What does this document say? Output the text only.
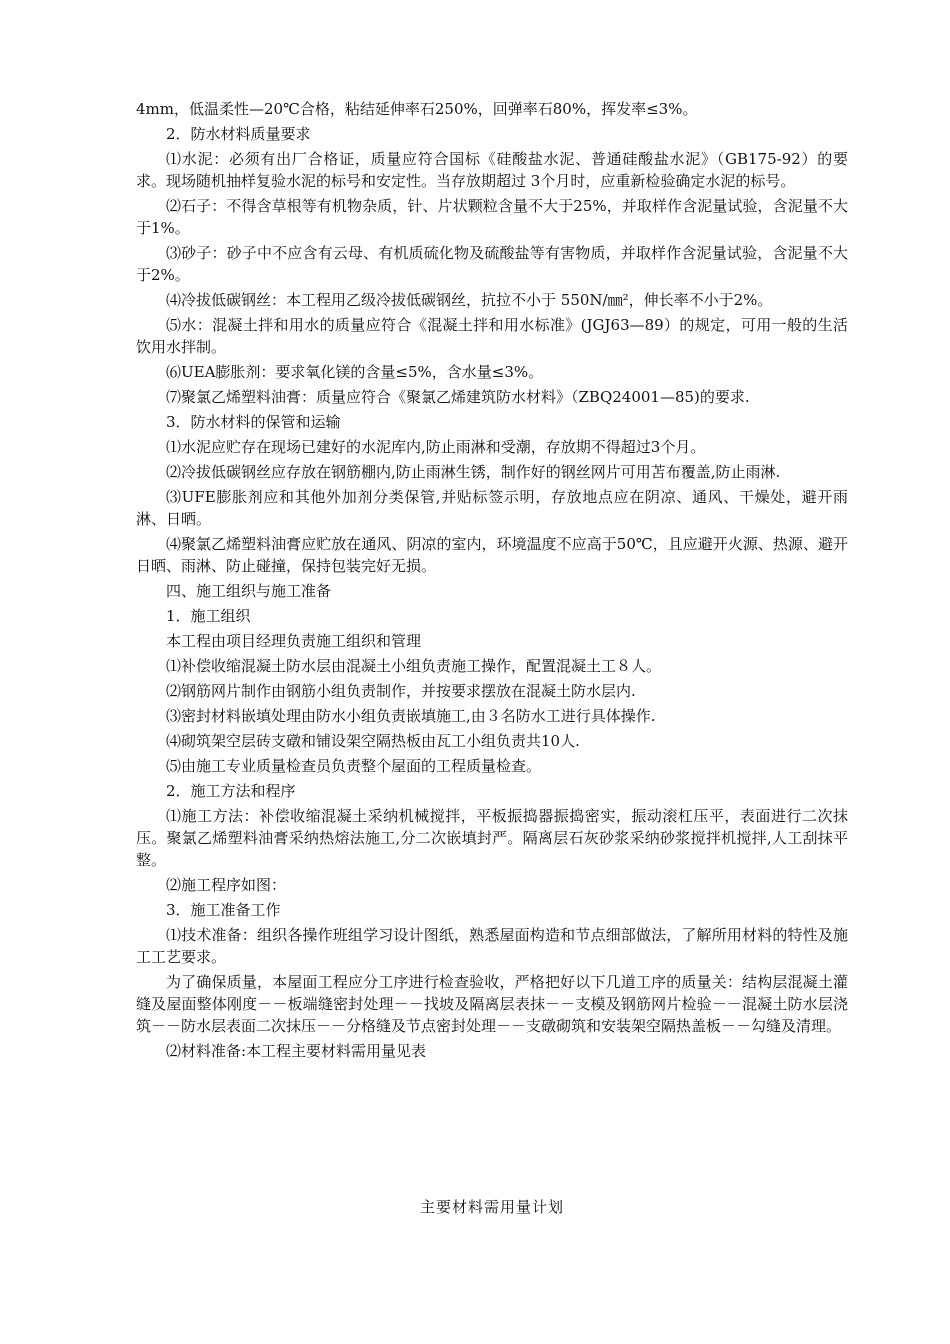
4mm，低温柔性—20℃合格，粘结延伸率石250%，回弹率石80%，挥发率≤3%。

2．防水材料质量要求

⑴水泥：必须有出厂合格证，质量应符合国标《硅酸盐水泥、普通硅酸盐水泥》（GB175-92）的要求。现场随机抽样复验水泥的标号和安定性。当存放期超过 3个月时，应重新检验确定水泥的标号。

⑵石子：不得含草根等有机物杂质，针、片状颗粒含量不大于25%，并取样作含泥量试验，含泥量不大于1%。

⑶砂子：砂子中不应含有云母、有机质硫化物及硫酸盐等有害物质，并取样作含泥量试验，含泥量不大于2%。

⑷冷拔低碳钢丝：本工程用乙级冷拔低碳钢丝，抗拉不小于 550N/㎜²，伸长率不小于2%。

⑸水：混凝土拌和用水的质量应符合《混凝土拌和用水标准》(JGJ63—89）的规定，可用一般的生活饮用水拌制。

⑹UEA膨胀剂：要求氧化镁的含量≤5%，含水量≤3%。

⑺聚氯乙烯塑料油膏：质量应符合《聚氯乙烯建筑防水材料》（ZBQ24001—85)的要求.

3．防水材料的保管和运输

⑴水泥应贮存在现场已建好的水泥库内,防止雨淋和受潮，存放期不得超过3个月。

⑵冷拔低碳钢丝应存放在钢筋棚内,防止雨淋生锈，制作好的钢丝网片可用苫布覆盖,防止雨淋.

⑶UFE膨胀剂应和其他外加剂分类保管,并贴标签示明，存放地点应在阴凉、通风、干燥处，避开雨淋、日晒。

⑷聚氯乙烯塑料油膏应贮放在通风、阴凉的室内，环境温度不应高于50℃，且应避开火源、热源、避开日晒、雨淋、防止碰撞，保持包装完好无损。

四、施工组织与施工准备

1．施工组织

本工程由项目经理负责施工组织和管理

⑴补偿收缩混凝土防水层由混凝土小组负责施工操作，配置混凝土工８人。

⑵钢筋网片制作由钢筋小组负责制作，并按要求摆放在混凝土防水层内.

⑶密封材料嵌填处理由防水小组负责嵌填施工,由３名防水工进行具体操作.

⑷砌筑架空层砖支礅和铺设架空隔热板由瓦工小组负责共10人.

⑸由施工专业质量检查员负责整个屋面的工程质量检查。

2．施工方法和程序

⑴施工方法：补偿收缩混凝土采纳机械搅拌，平板振捣器振捣密实，振动滚杠压平，表面进行二次抹压。聚氯乙烯塑料油膏采纳热熔法施工,分二次嵌填封严。隔离层石灰砂浆采纳砂浆搅拌机搅拌,人工刮抹平整。

⑵施工程序如图：

3．施工准备工作

⑴技术准备：组织各操作班组学习设计图纸，熟悉屋面构造和节点细部做法，了解所用材料的特性及施工工艺要求。

为了确保质量，本屋面工程应分工序进行检查验收，严格把好以下几道工序的质量关：结构层混凝土灌缝及屋面整体刚度－－板端缝密封处理－－找坡及隔离层表抹－－支模及钢筋网片检验－－混凝土防水层浇筑－－防水层表面二次抹压－－分格缝及节点密封处理－－支礅砌筑和安装架空隔热盖板－－勾缝及清理。

⑵材料准备:本工程主要材料需用量见表

主要材料需用量计划
